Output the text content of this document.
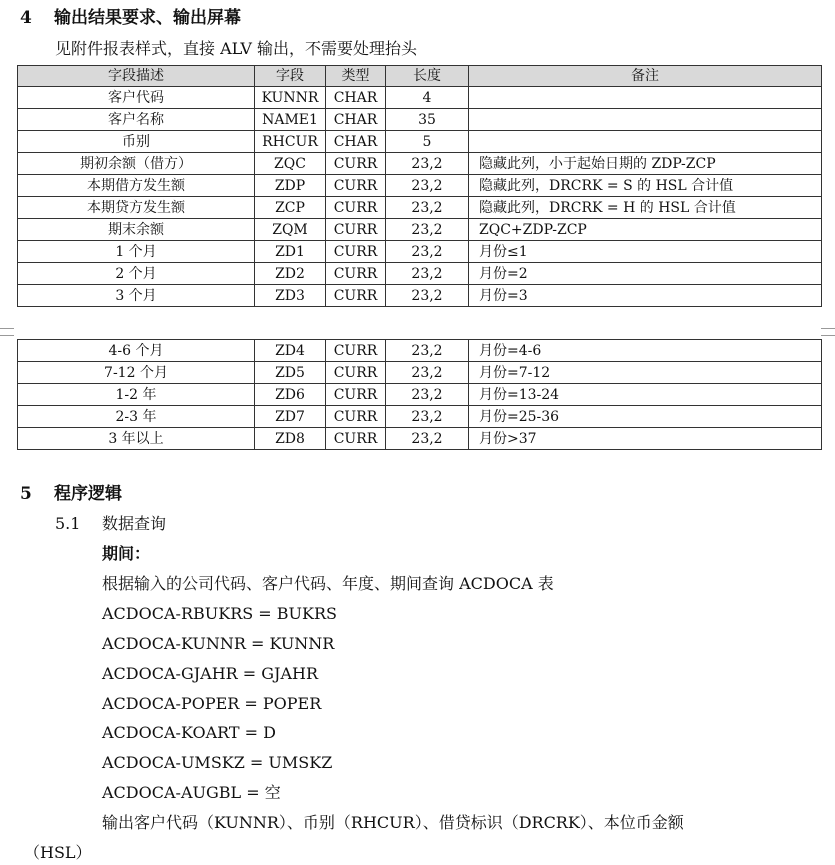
4 输出结果要求、输出屏幕
见附件报表样式，直接 ALV 输出，不需要处理抬头
字段描述	字段	类型	长度	备注
客户代码	KUNNR	CHAR	4	
客户名称	NAME1	CHAR	35	
币别	RHCUR	CHAR	5	
期初余额（借方）	ZQC	CURR	23,2	隐藏此列，小于起始日期的 ZDP-ZCP
本期借方发生额	ZDP	CURR	23,2	隐藏此列，DRCRK = S 的 HSL 合计值
本期贷方发生额	ZCP	CURR	23,2	隐藏此列，DRCRK = H 的 HSL 合计值
期末余额	ZQM	CURR	23,2	ZQC+ZDP-ZCP
1 个月	ZD1	CURR	23,2	月份≤1
2 个月	ZD2	CURR	23,2	月份=2
3 个月	ZD3	CURR	23,2	月份=3
4-6 个月	ZD4	CURR	23,2	月份=4-6
7-12 个月	ZD5	CURR	23,2	月份=7-12
1-2 年	ZD6	CURR	23,2	月份=13-24
2-3 年	ZD7	CURR	23,2	月份=25-36
3 年以上	ZD8	CURR	23,2	月份>37
5 程序逻辑
5.1 数据查询
期间：
根据输入的公司代码、客户代码、年度、期间查询 ACDOCA 表
ACDOCA-RBUKRS = BUKRS
ACDOCA-KUNNR = KUNNR
ACDOCA-GJAHR = GJAHR
ACDOCA-POPER = POPER
ACDOCA-KOART = D
ACDOCA-UMSKZ = UMSKZ
ACDOCA-AUGBL = 空
输出客户代码（KUNNR）、币别（RHCUR）、借贷标识（DRCRK）、本位币金额
（HSL）
